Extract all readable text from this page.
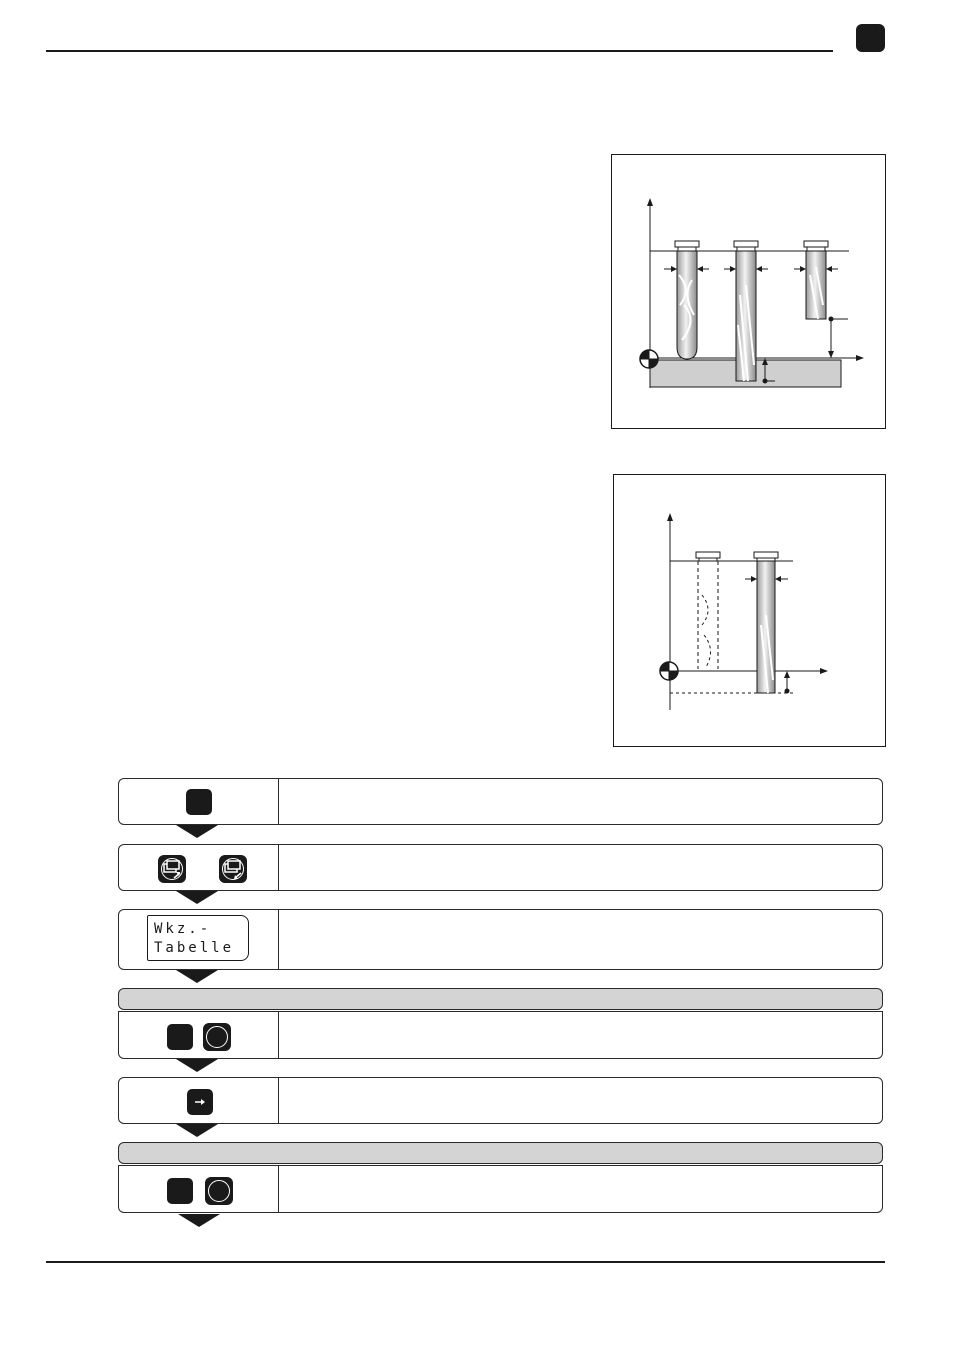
Wkz.-
Tabelle
